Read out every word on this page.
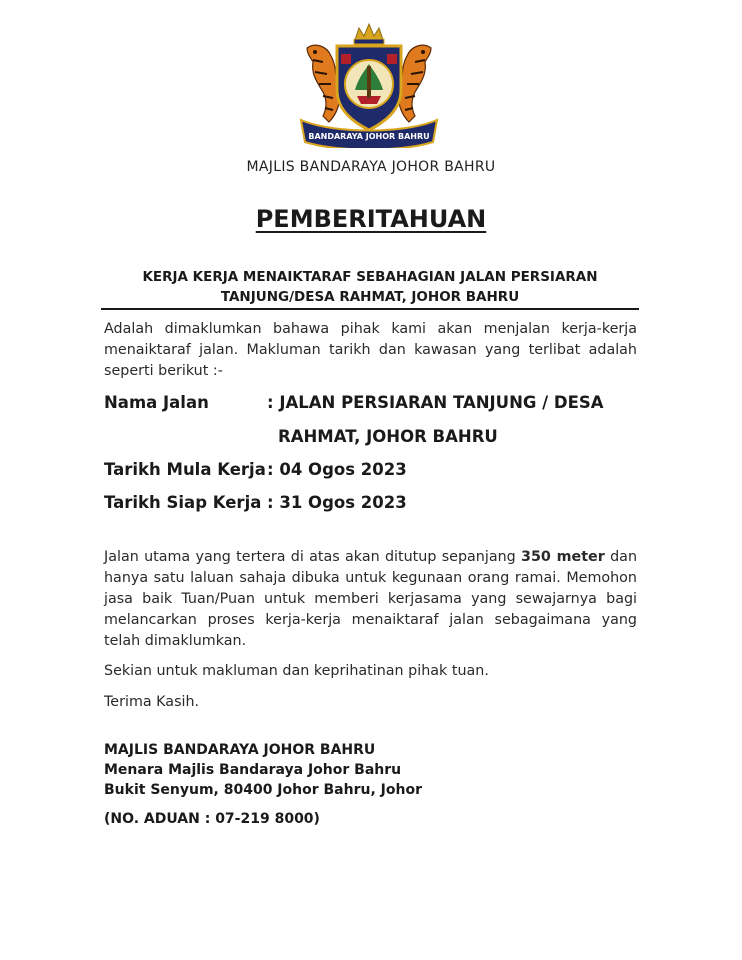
BANDARAYA JOHOR BAHRU
MAJLIS BANDARAYA JOHOR BAHRU
PEMBERITAHUAN
KERJA KERJA MENAIKTARAF SEBAHAGIAN JALAN PERSIARAN
TANJUNG/DESA RAHMAT, JOHOR BAHRU

Adalah dimaklumkan bahawa pihak kami akan menjalan kerja-kerja menaiktaraf jalan. Makluman tarikh dan kawasan yang terlibat adalah seperti berikut :-

Nama Jalan	: JALAN PERSIARAN TANJUNG / DESA
RAHMAT, JOHOR BAHRU
Tarikh Mula Kerja : 04 Ogos 2023
Tarikh Siap Kerja : 31 Ogos 2023

Jalan utama yang tertera di atas akan ditutup sepanjang 350 meter dan hanya satu laluan sahaja dibuka untuk kegunaan orang ramai. Memohon jasa baik Tuan/Puan untuk memberi kerjasama yang sewajarnya bagi melancarkan proses kerja-kerja menaiktaraf jalan sebagaimana yang telah dimaklumkan.

Sekian untuk makluman dan keprihatinan pihak tuan.

Terima Kasih.

MAJLIS BANDARAYA JOHOR BAHRU
Menara Majlis Bandaraya Johor Bahru
Bukit Senyum, 80400 Johor Bahru, Johor
(NO. ADUAN : 07-219 8000)
